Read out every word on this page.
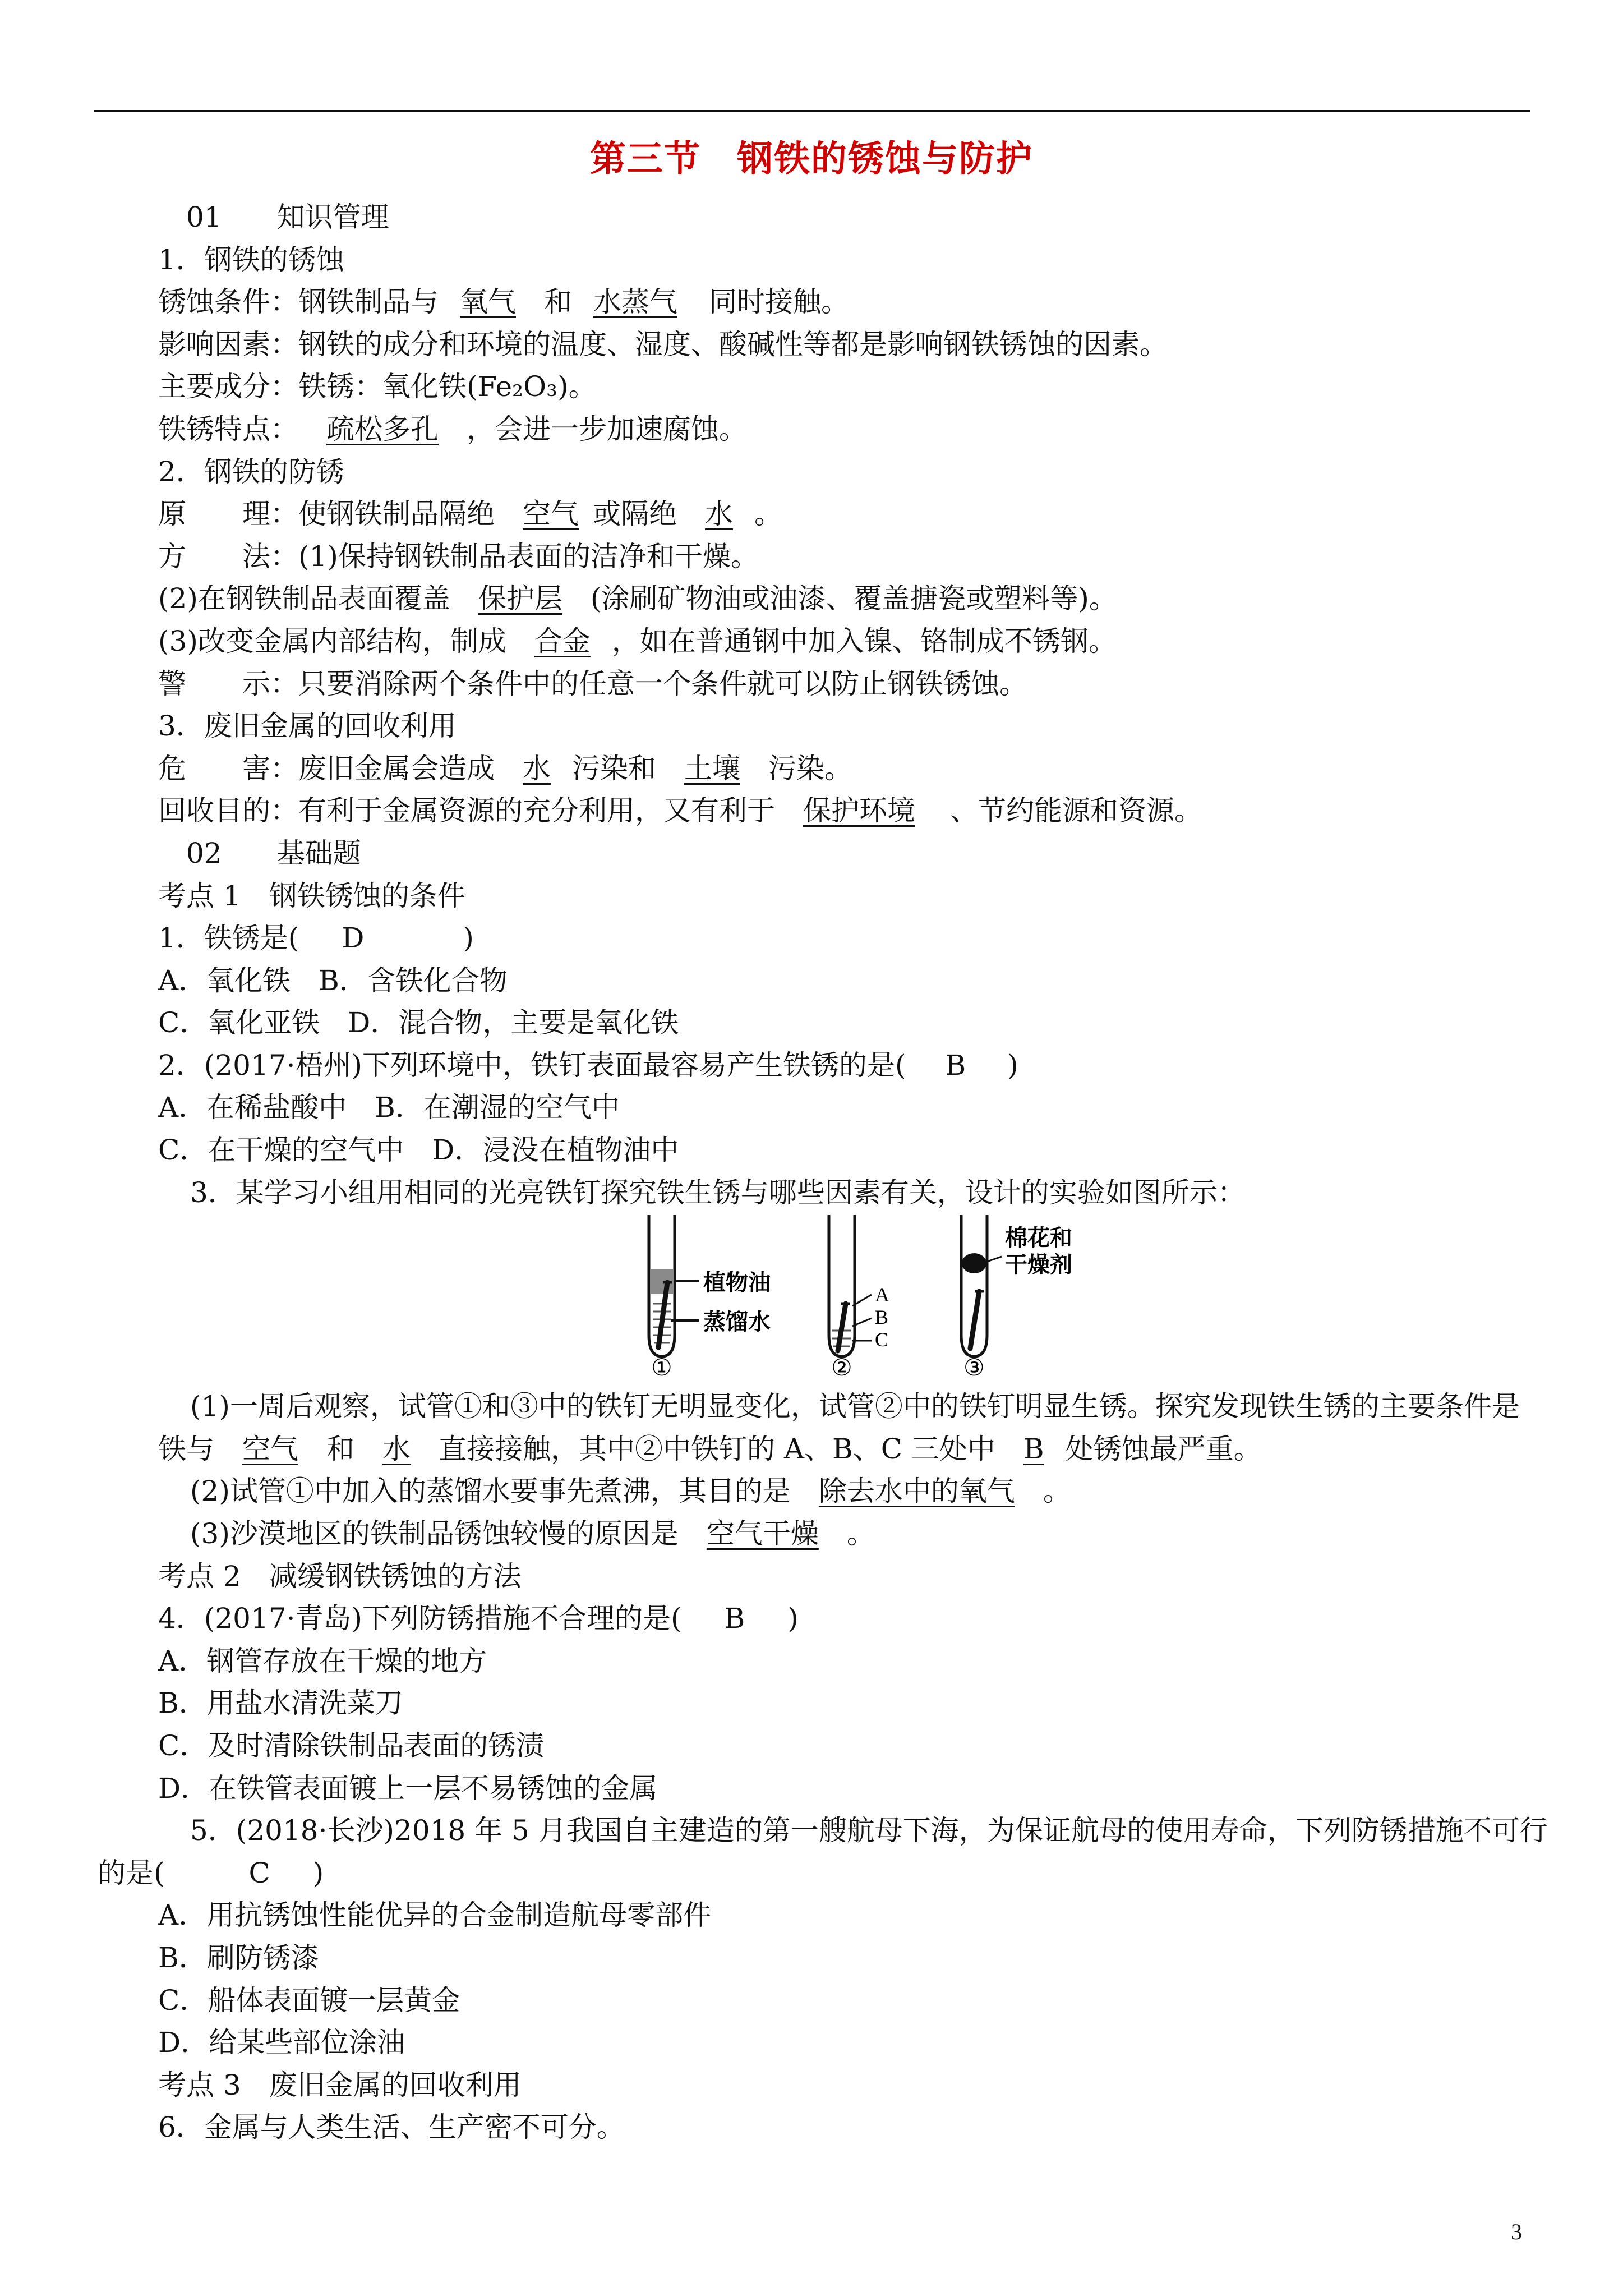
第三节 钢铁的锈蚀与防护
01 知识管理
1．钢铁的锈蚀
锈蚀条件：钢铁制品与 氧气 和 水蒸气 同时接触。
影响因素：钢铁的成分和环境的温度、湿度、酸碱性等都是影响钢铁锈蚀的因素。
主要成分：铁锈：氧化铁(Fe₂O₃)。
铁锈特点： 疏松多孔 ，会进一步加速腐蚀。
2．钢铁的防锈
原　　理：使钢铁制品隔绝 空气 或隔绝 水 。
方　　法：(1)保持钢铁制品表面的洁净和干燥。
(2)在钢铁制品表面覆盖 保护层 (涂刷矿物油或油漆、覆盖搪瓷或塑料等)。
(3)改变金属内部结构，制成 合金 ，如在普通钢中加入镍、铬制成不锈钢。
警　　示：只要消除两个条件中的任意一个条件就可以防止钢铁锈蚀。
3．废旧金属的回收利用
危　　害：废旧金属会造成 水 污染和 土壤 污染。
回收目的：有利于金属资源的充分利用，又有利于 保护环境 、节约能源和资源。
02 基础题
考点 1　钢铁锈蚀的条件
1．铁锈是( D	)
A．氧化铁　B．含铁化合物
C．氧化亚铁　D．混合物，主要是氧化铁
2．(2017·梧州)下列环境中，铁钉表面最容易产生铁锈的是( B )
A．在稀盐酸中　B．在潮湿的空气中
C．在干燥的空气中　D．浸没在植物油中
3．某学习小组用相同的光亮铁钉探究铁生锈与哪些因素有关，设计的实验如图所示：
植物油
蒸馏水
①
A
B
C
②
棉花和
干燥剂
③
(1)一周后观察，试管①和③中的铁钉无明显变化，试管②中的铁钉明显生锈。探究发现铁生锈的主要条件是
铁与 空气 和 水 直接接触，其中②中铁钉的 A、B、C 三处中 B 处锈蚀最严重。
(2)试管①中加入的蒸馏水要事先煮沸，其目的是 除去水中的氧气 。
(3)沙漠地区的铁制品锈蚀较慢的原因是 空气干燥 。
考点 2　减缓钢铁锈蚀的方法
4．(2017·青岛)下列防锈措施不合理的是( B )
A．钢管存放在干燥的地方
B．用盐水清洗菜刀
C．及时清除铁制品表面的锈渍
D．在铁管表面镀上一层不易锈蚀的金属
5．(2018·长沙)2018 年 5 月我国自主建造的第一艘航母下海，为保证航母的使用寿命，下列防锈措施不可行
的是(	C )
A．用抗锈蚀性能优异的合金制造航母零部件
B．刷防锈漆
C．船体表面镀一层黄金
D．给某些部位涂油
考点 3　废旧金属的回收利用
6．金属与人类生活、生产密不可分。
3
